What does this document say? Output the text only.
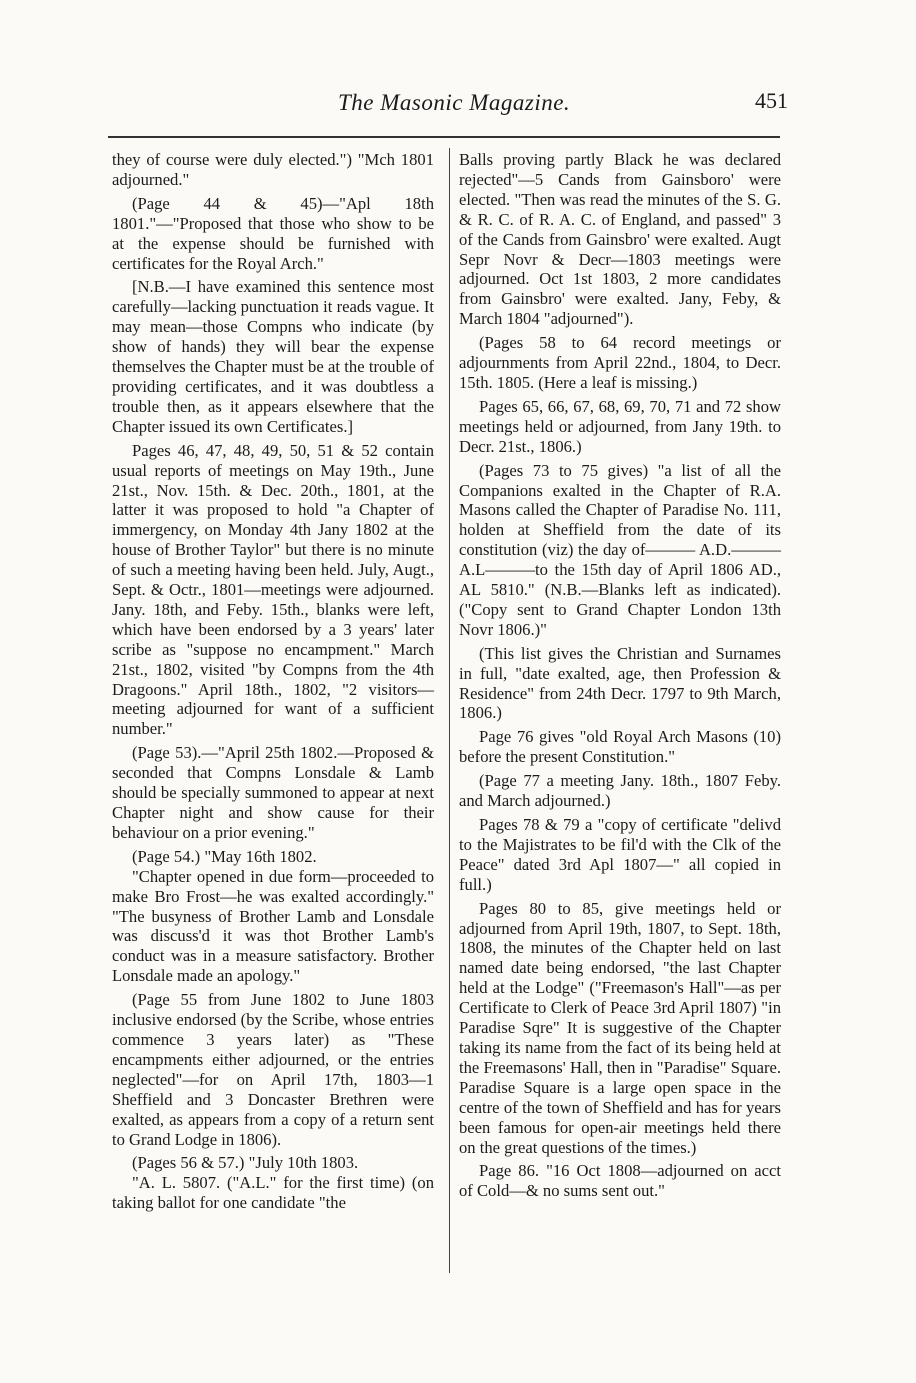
The Masonic Magazine.	451

they of course were duly elected.") "Mch 1801 adjourned."

(Page 44 & 45)—"Apl 18th 1801."—"Proposed that those who show to be at the expense should be furnished with certificates for the Royal Arch."

[N.B.—I have examined this sentence most carefully—lacking punctuation it reads vague. It may mean—those Compns who indicate (by show of hands) they will bear the expense themselves the Chapter must be at the trouble of providing certificates, and it was doubtless a trouble then, as it appears elsewhere that the Chapter issued its own Certificates.]

Pages 46, 47, 48, 49, 50, 51 & 52 contain usual reports of meetings on May 19th., June 21st., Nov. 15th. & Dec. 20th., 1801, at the latter it was proposed to hold "a Chapter of immergency, on Monday 4th Jany 1802 at the house of Brother Taylor" but there is no minute of such a meeting having been held. July, Augt., Sept. & Octr., 1801—meetings were adjourned. Jany. 18th, and Feby. 15th., blanks were left, which have been endorsed by a 3 years' later scribe as "suppose no encampment." March 21st., 1802, visited "by Compns from the 4th Dragoons." April 18th., 1802, "2 visitors—meeting adjourned for want of a sufficient number."

(Page 53).—"April 25th 1802.—Proposed & seconded that Compns Lonsdale & Lamb should be specially summoned to appear at next Chapter night and show cause for their behaviour on a prior evening."

(Page 54.) "May 16th 1802.

"Chapter opened in due form—proceeded to make Bro Frost—he was exalted accordingly." "The busyness of Brother Lamb and Lonsdale was discuss'd it was thot Brother Lamb's conduct was in a measure satisfactory. Brother Lonsdale made an apology."

(Page 55 from June 1802 to June 1803 inclusive endorsed (by the Scribe, whose entries commence 3 years later) as "These encampments either adjourned, or the entries neglected"—for on April 17th, 1803—1 Sheffield and 3 Doncaster Brethren were exalted, as appears from a copy of a return sent to Grand Lodge in 1806).

(Pages 56 & 57.) "July 10th 1803.

"A. L. 5807. ("A.L." for the first time) (on taking ballot for one candidate "the

Balls proving partly Black he was declared rejected"—5 Cands from Gainsboro' were elected. "Then was read the minutes of the S. G. & R. C. of R. A. C. of England, and passed" 3 of the Cands from Gainsbro' were exalted. Augt Sepr Novr & Decr—1803 meetings were adjourned. Oct 1st 1803, 2 more candidates from Gainsbro' were exalted. Jany, Feby, & March 1804 "adjourned").

(Pages 58 to 64 record meetings or adjournments from April 22nd., 1804, to Decr. 15th. 1805. (Here a leaf is missing.)

Pages 65, 66, 67, 68, 69, 70, 71 and 72 show meetings held or adjourned, from Jany 19th. to Decr. 21st., 1806.)

(Pages 73 to 75 gives) "a list of all the Companions exalted in the Chapter of R.A. Masons called the Chapter of Paradise No. 111, holden at Sheffield from the date of its constitution (viz) the day of——— A.D.———A.L———to the 15th day of April 1806 AD., AL 5810." (N.B.—Blanks left as indicated). ("Copy sent to Grand Chapter London 13th Novr 1806.)"

(This list gives the Christian and Surnames in full, "date exalted, age, then Profession & Residence" from 24th Decr. 1797 to 9th March, 1806.)

Page 76 gives "old Royal Arch Masons (10) before the present Constitution."

(Page 77 a meeting Jany. 18th., 1807 Feby. and March adjourned.)

Pages 78 & 79 a "copy of certificate "delivd to the Majistrates to be fil'd with the Clk of the Peace" dated 3rd Apl 1807—" all copied in full.)

Pages 80 to 85, give meetings held or adjourned from April 19th, 1807, to Sept. 18th, 1808, the minutes of the Chapter held on last named date being endorsed, "the last Chapter held at the Lodge" ("Freemason's Hall"—as per Certificate to Clerk of Peace 3rd April 1807) "in Paradise Sqre" It is suggestive of the Chapter taking its name from the fact of its being held at the Freemasons' Hall, then in "Paradise" Square. Paradise Square is a large open space in the centre of the town of Sheffield and has for years been famous for open-air meetings held there on the great questions of the times.)

Page 86. "16 Oct 1808—adjourned on acct of Cold—& no sums sent out."
